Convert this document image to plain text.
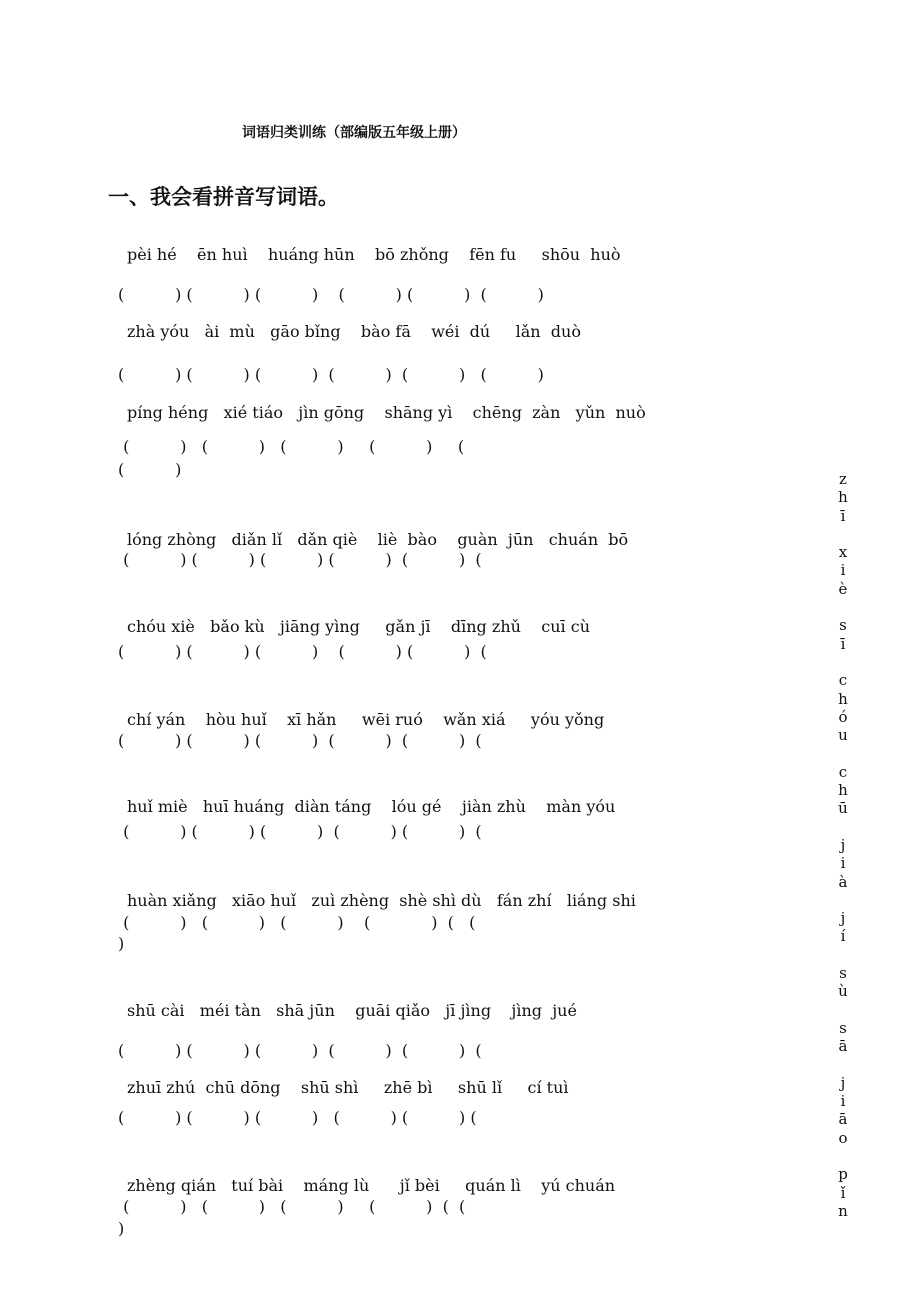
词语归类训练（部编版五年级上册）
一、我会看拼音写词语。
pèi hé    ēn huì    huáng hūn    bō zhǒng    fēn fu     shōu  huò
(          ) (          ) (          )    (          ) (          )  (          )
zhà yóu   ài  mù   gāo bǐng    bào fā    wéi  dú     lǎn  duò
(          ) (          ) (          )  (          )  (          )   (          )
píng héng   xié tiáo   jìn gōng    shāng yì    chēng  zàn   yǔn  nuò
(          )   (          )   (          )     (          )     (
(          )
lóng zhòng   diǎn lǐ   dǎn qiè    liè  bào    guàn  jūn   chuán  bō
(          ) (          ) (          ) (          )  (          )  (
chóu xiè   bǎo kù   jiāng yìng     gǎn jī    dīng zhǔ    cuī cù
(          ) (          ) (          )    (          ) (          )  (
chí yán    hòu huǐ    xī hǎn     wēi ruó    wǎn xiá     yóu yǒng
(          ) (          ) (          )  (          )  (          )  (
huǐ miè   huī huáng  diàn táng    lóu gé    jiàn zhù    màn yóu
(          ) (          ) (          )  (          ) (          )  (
huàn xiǎng   xiāo huǐ   zuì zhèng  shè shì dù   fán zhí   liáng shi
(          )   (          )   (          )    (            )  (   (
)
shū cài   méi tàn   shā jūn    guāi qiǎo   jī jìng    jìng  jué
(          ) (          ) (          )  (          )  (          )  (
zhuī zhú  chū dōng    shū shì     zhē bì     shū lǐ     cí tuì
(          ) (          ) (          )   (          ) (          ) (
zhèng qián   tuí bài    máng lù      jǐ bèi     quán lì    yú chuán
(          )   (          )   (          )     (          )  (  (
)
z
h
ī

x
i
è

s
ī

c
h
ó
u

c
h
ū

j
i
à

j
í

s
ù

s
ā

j
i
ā
o

p
ǐ
n
